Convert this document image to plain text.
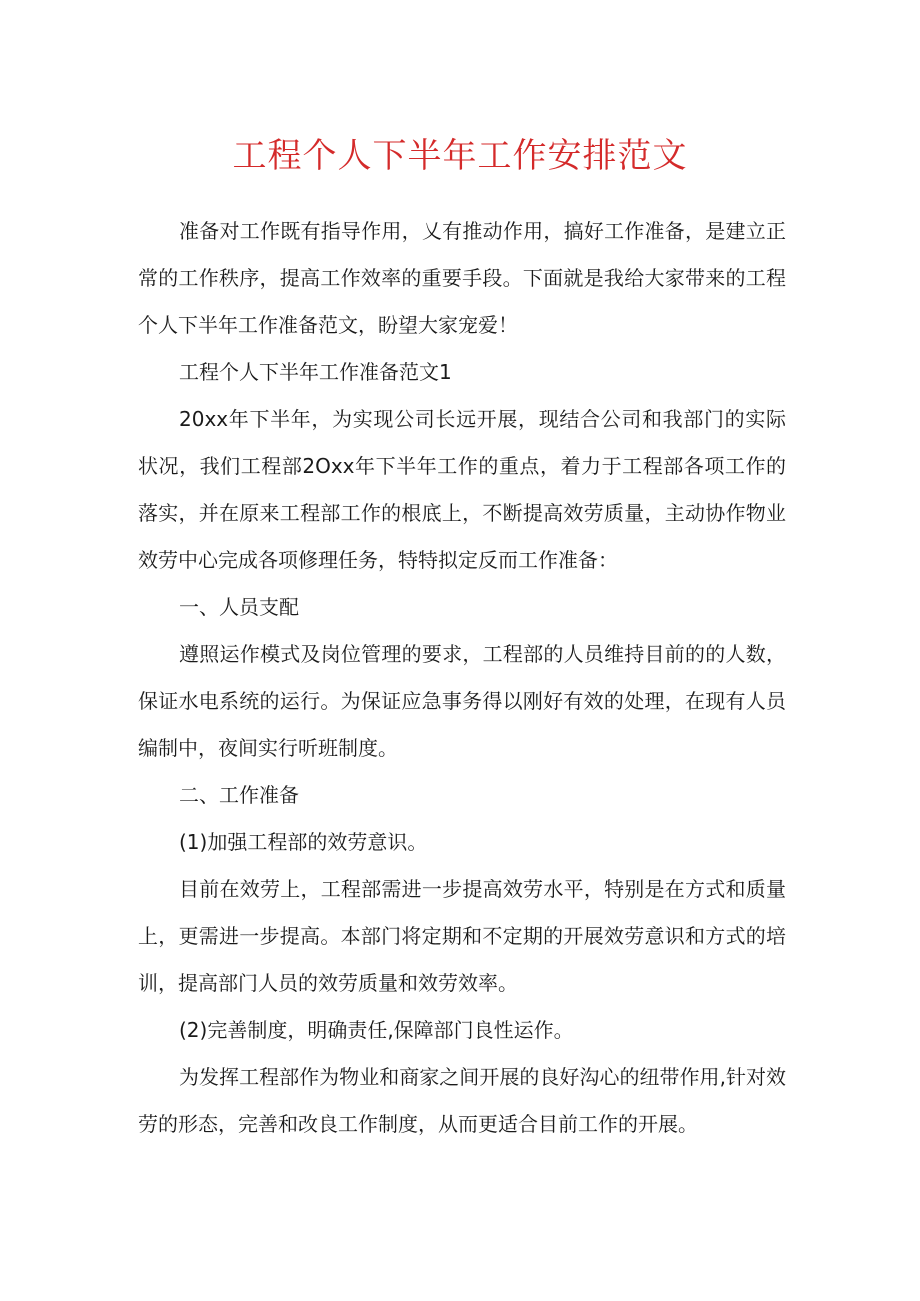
工程个人下半年工作安排范文

准备对工作既有指导作用，乂有推动作用，搞好工作准备，是建立正常的工作秩序，提高工作效率的重要手段。下面就是我给大家带来的工程个人下半年工作准备范文，盼望大家宠爱！

工程个人下半年工作准备范文1

20xx年下半年，为实现公司长远开展，现结合公司和我部门的实际状况，我们工程部2Oxx年下半年工作的重点，着力于工程部各项工作的落实，并在原来工程部工作的根底上，不断提高效劳质量，主动协作物业效劳中心完成各项修理任务，特特拟定反而工作准备：

一、人员支配

遵照运作模式及岗位管理的要求，工程部的人员维持目前的的人数，保证水电系统的运行。为保证应急事务得以刚好有效的处理，在现有人员编制中，夜间实行听班制度。

二、工作准备

(1)加强工程部的效劳意识。

目前在效劳上，工程部需进一步提高效劳水平，特别是在方式和质量上，更需进一步提高。本部门将定期和不定期的开展效劳意识和方式的培训，提高部门人员的效劳质量和效劳效率。

(2)完善制度，明确责任,保障部门良性运作。

为发挥工程部作为物业和商家之间开展的良好沟心的纽带作用,针对效劳的形态，完善和改良工作制度，从而更适合目前工作的开展。
